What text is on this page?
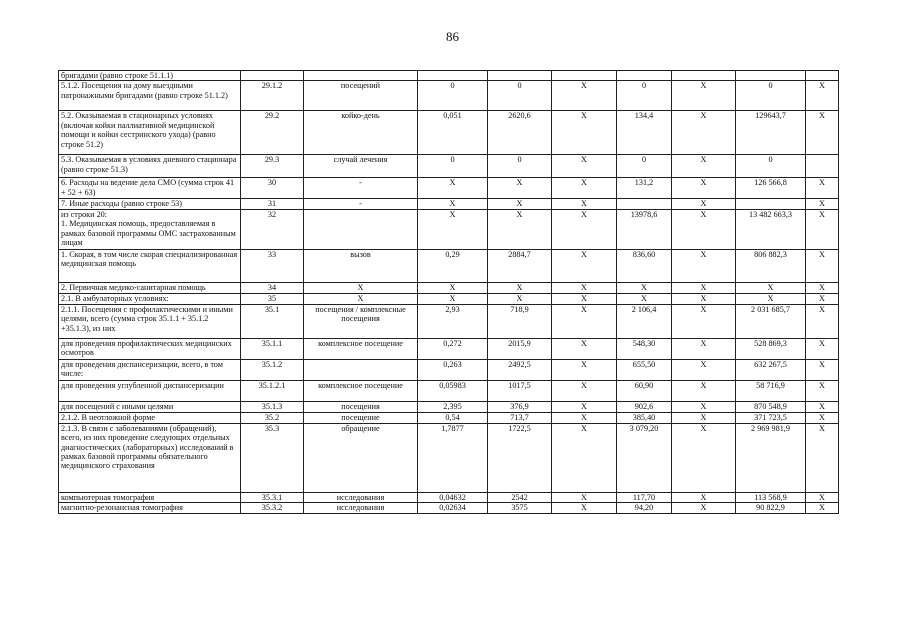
86
бригадами (равно строке 51.1.1)									
5.1.2. Посещения на дому выездными патронажными бригадами (равно строке 51.1.2)	29.1.2	посещений	0	0	X	0	X	0	X
5.2. Оказываемая в стационарных условиях (включая койки паллиативной медицинской помощи и койки сестринского ухода) (равно строке 51.2)	29.2	койко-день	0,051	2620,6	X	134,4	X	129643,7	X
5.3. Оказываемая в условиях дневного стационара (равно строке 51.3)	29.3	случай лечения	0	0	X	0	X	0	
6. Расходы на ведение дела СМО (сумма строк 41 + 52 + 63)	30	-	X	X	X	131,2	X	126 566,8	X
7. Иные расходы (равно строке 53)	31	-	X	X	X		X		X
из строки 20:
1. Медицинская помощь, предоставляемая в рамках базовой программы ОМС застрахованным лицам	32		X	X	X	13978,6	X	13 482 663,3	X
1. Скорая, в том числе скорая специализированная медицинская помощь	33	вызов	0,29	2884,7	X	836,60	X	806 882,3	X
2. Первичная медико-санитарная помощь	34	X	X	X	X	X	X	X	X
2.1. В амбулаторных условиях:	35	X	X	X	X	X	X	X	X
2.1.1. Посещения с профилактическими и иными целями, всего (сумма строк 35.1.1 + 35.1.2 +35.1.3), из них	35.1	посещения / комплексные посещения	2,93	718,9	X	2 106,4	X	2 031 685,7	X
для проведения профилактических медицинских осмотров	35.1.1	комплексное посещение	0,272	2015,9	X	548,30	X	528 869,3	X
для проведения диспансеризации, всего, в том числе:	35.1.2		0,263	2492,5	X	655,50	X	632 267,5	X
для проведения углубленной диспансеризации	35.1.2.1	комплексное посещение	0,05983	1017,5	X	60,90	X	58 716,9	X
для посещений с иными целями	35.1.3	посещения	2,395	376,9	X	902,6	X	870 548,9	X
2.1.2. В неотложной форме	35.2	посещение	0,54	713,7	X	385,40	X	371 723,5	X
2.1.3. В связи с заболеваниями (обращений), всего, из них проведение следующих отдельных диагностических (лабораторных) исследований в рамках базовой программы обязательного медицинского страхования	35.3	обращение	1,7877	1722,5	X	3 079,20	X	2 969 981,9	X
компьютерная томография	35.3.1	исследования	0,04632	2542	X	117,70	X	113 568,9	X
магнитно-резонансная томография	35.3.2	исследования	0,02634	3575	X	94,20	X	90 822,9	X
